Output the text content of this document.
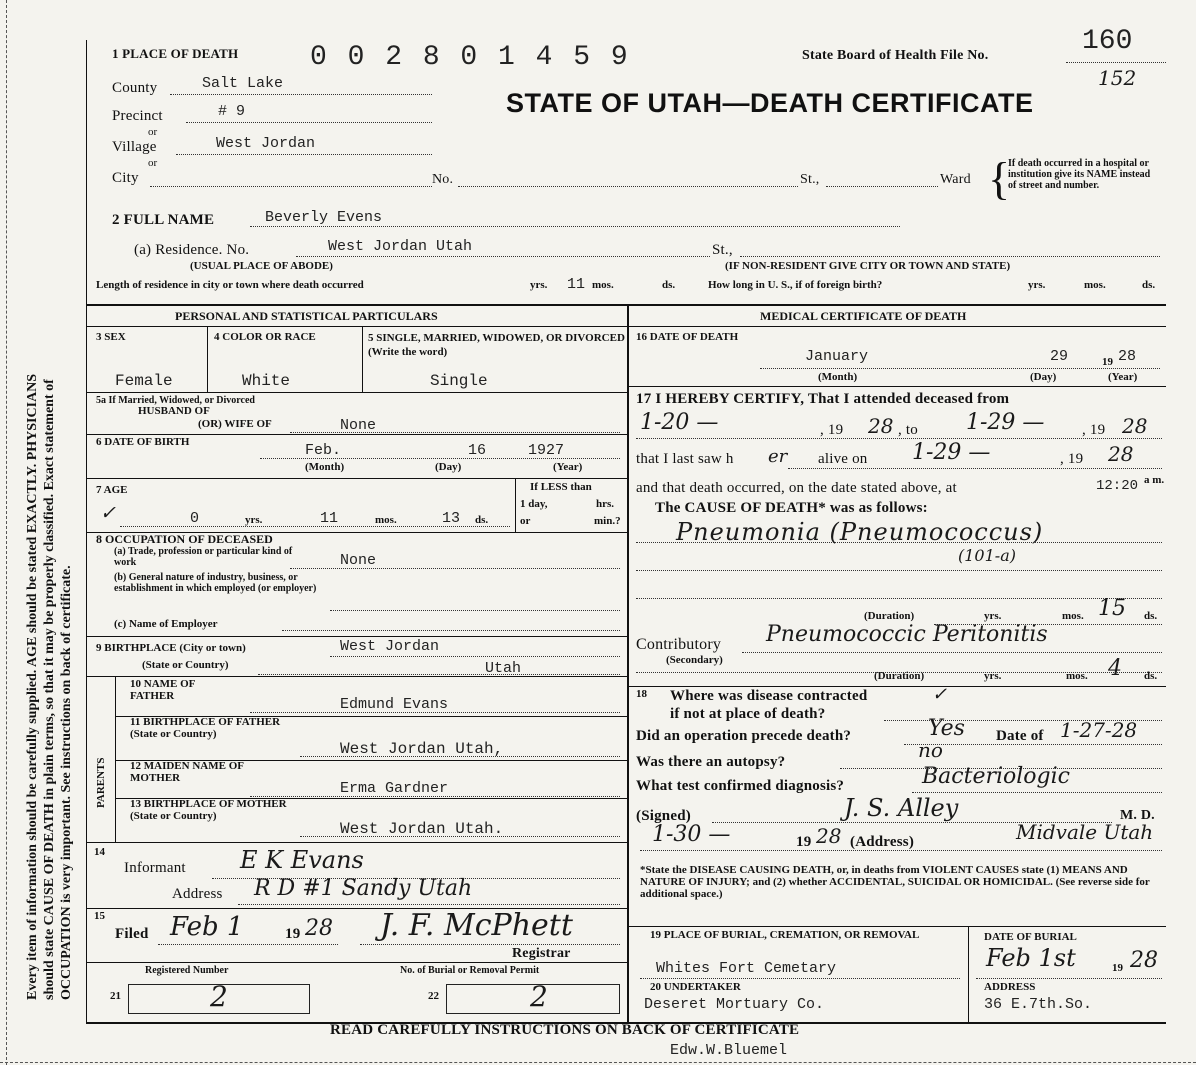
Every item of information should be carefully supplied. AGE should be stated EXACTLY. PHYSICIANS should state CAUSE OF DEATH in plain terms, so that it may be properly classified. Exact statement of OCCUPATION is very important. See instructions on back of certificate.
1 PLACE OF DEATH	0 0 2 8 0 1 4 5 9	State Board of Health File No.	160
152
STATE OF UTAH—DEATH CERTIFICATE
County	Salt Lake
Precinct	# 9
or
Village	West Jordan
or
City	No.	St.,	Ward {
If death occurred in a hospital or institution give its NAME instead of street and number.
2 FULL NAME	Beverly Evens
(a) Residence. No.	West Jordan Utah	St.,
(USUAL PLACE OF ABODE)	(IF NON-RESIDENT GIVE CITY OR TOWN AND STATE)
Length of residence in city or town where death occurred	yrs. 11 mos.	ds.	How long in U. S., if of foreign birth?	yrs.	mos.	ds.
PERSONAL AND STATISTICAL PARTICULARS
3 SEX
Female
4 COLOR OR RACE
White
5 SINGLE, MARRIED, WIDOWED, OR DIVORCED (Write the word)
Single
5a If Married, Widowed, or Divorced
HUSBAND OF
(OR) WIFE OF	None
6 DATE OF BIRTH	Feb.	16	1927
(Month)	(Day)	(Year)
7 AGE
✓	0	yrs.	11	mos.	13 ds.
If LESS than
1 day,	hrs.
or	min.?
8 OCCUPATION OF DECEASED
(a) Trade, profession or particular kind of work	None
(b) General nature of industry, business, or establishment in which employed (or employer)
(c) Name of Employer
9 BIRTHPLACE (City or town)	West Jordan
(State or Country)	Utah
PARENTS
10 NAME OF FATHER	Edmund Evans
11 BIRTHPLACE OF FATHER (State or Country)
West Jordan Utah,
12 MAIDEN NAME OF MOTHER
Erma Gardner
13 BIRTHPLACE OF MOTHER (State or Country)
West Jordan Utah.
14
Informant E K Evans
Address R D #1 Sandy Utah
15
Filed Feb 1	19 28 J. F. McPhett
Registrar
Registered Number
21	2
No. of Burial or Removal Permit
22	2
MEDICAL CERTIFICATE OF DEATH
16 DATE OF DEATH
January	29	19 28
(Month)	(Day)	(Year)
17 I HEREBY CERTIFY, That I attended deceased from
1-20 —	, 19 28 , to 1-29 —	, 19 28
that I last saw h er alive on 1-29 —	, 19 28
and that death occurred, on the date stated above, at	12:20 a m.
The CAUSE OF DEATH* was as follows:
Pneumonia (Pneumococcus)
(101-a)
(Duration)	yrs.	mos. 15 ds.
Contributory
(Secondary)
Pneumococcic Peritonitis
(Duration)	yrs.	mos. 4 ds.
18 Where was disease contracted	✓
if not at place of death?
Did an operation precede death?	Yes Date of 1-27-28
Was there an autopsy?	no
What test confirmed diagnosis?	Bacteriologic
(Signed)	J. S. Alley	M. D.
1-30 —	19 28 (Address)	Midvale Utah
*State the DISEASE CAUSING DEATH, or, in deaths from VIOLENT CAUSES state (1) MEANS AND NATURE OF INJURY; and (2) whether ACCIDENTAL, SUICIDAL OR HOMICIDAL. (See reverse side for additional space.)
19 PLACE OF BURIAL, CREMATION, OR REMOVAL
Whites Fort Cemetary
DATE OF BURIAL
Feb 1st	19 28
20 UNDERTAKER
Deseret Mortuary Co.
ADDRESS
36 E.7th.So.
READ CAREFULLY INSTRUCTIONS ON BACK OF CERTIFICATE
Edw.W.Bluemel
